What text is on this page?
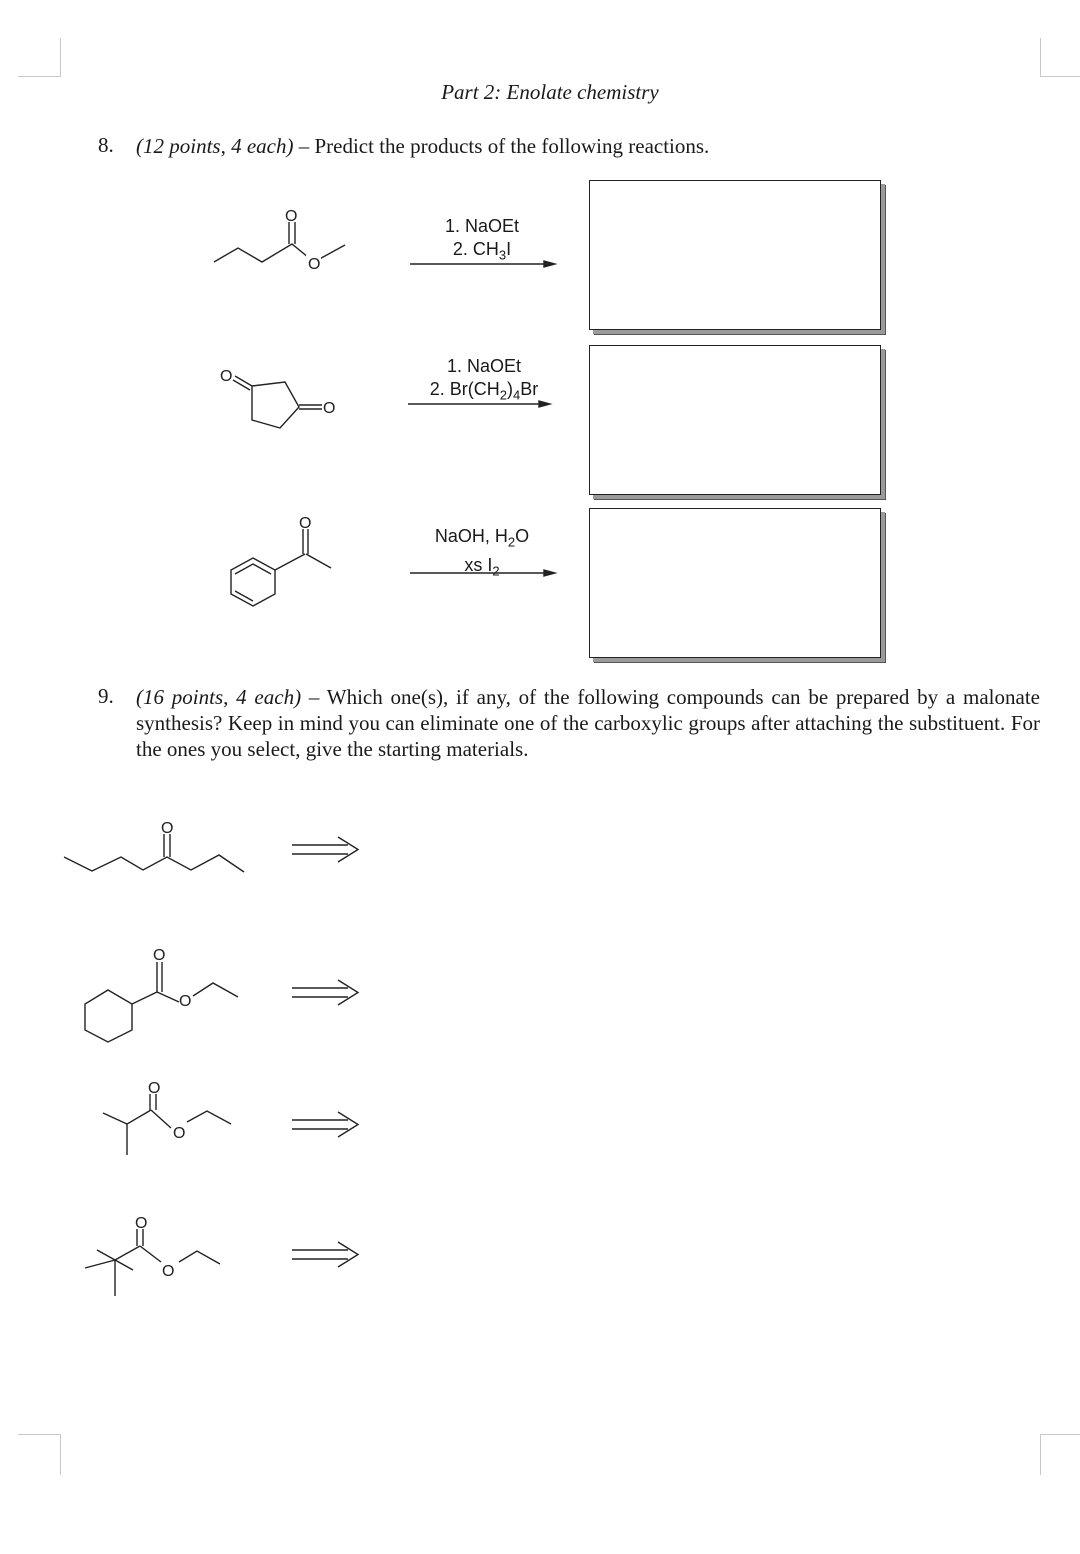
Part 2: Enolate chemistry
8. (12 points, 4 each) – Predict the products of the following reactions.
O
O
1. NaOEt
2. $CH_3I$
O
O
1. NaOEt
2. $Br(CH_2)_4Br$
O
NaOH, $H_2O$
xs $I_2$
9. (16 points, 4 each) – Which one(s), if any, of the following compounds can be prepared by a malonate synthesis? Keep in mind you can eliminate one of the carboxylic groups after attaching the substituent. For the ones you select, give the starting materials.
O
O
O
O
O
O
O
